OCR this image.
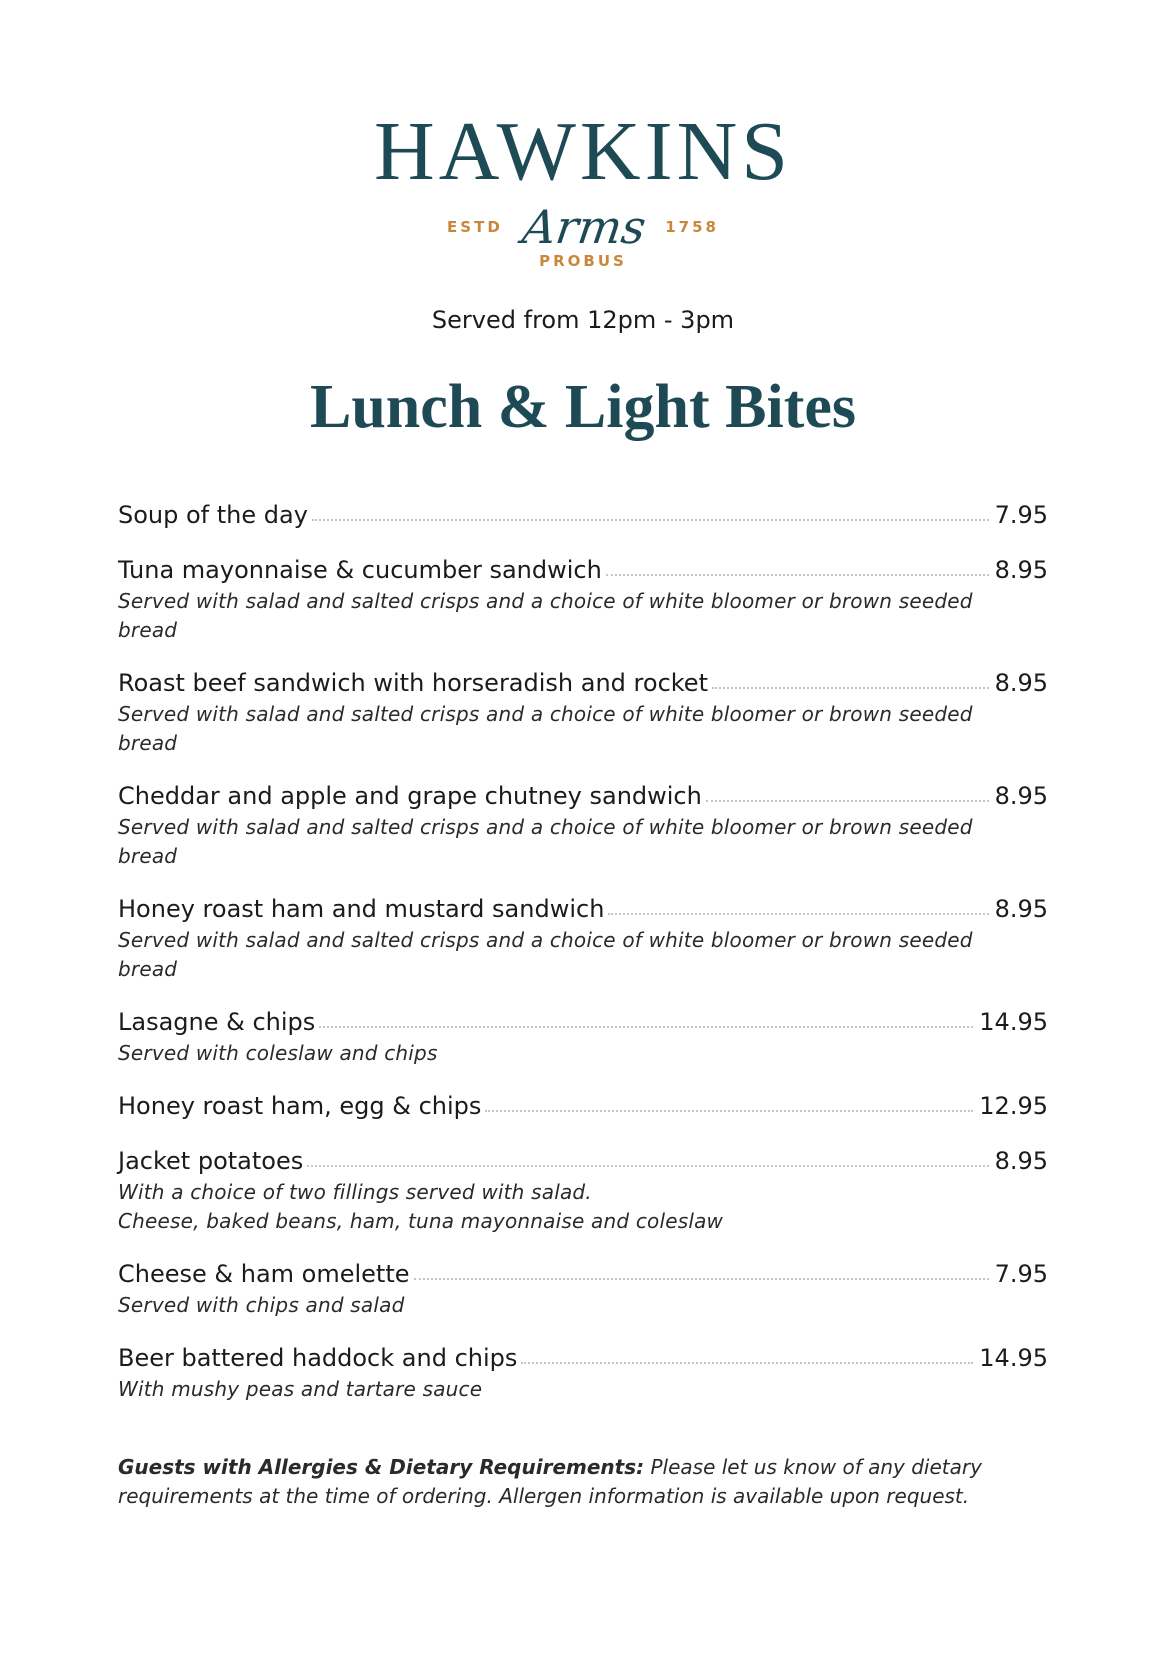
HAWKINS
ESTD Arms 1758
PROBUS
Served from 12pm - 3pm
Lunch & Light Bites
Soup of the day	7.95
Tuna mayonnaise & cucumber sandwich	8.95
Served with salad and salted crisps and a choice of white bloomer or brown seeded bread
Roast beef sandwich with horseradish and rocket	8.95
Served with salad and salted crisps and a choice of white bloomer or brown seeded bread
Cheddar and apple and grape chutney sandwich	8.95
Served with salad and salted crisps and a choice of white bloomer or brown seeded bread
Honey roast ham and mustard sandwich	8.95
Served with salad and salted crisps and a choice of white bloomer or brown seeded bread
Lasagne & chips	14.95
Served with coleslaw and chips
Honey roast ham, egg & chips	12.95
Jacket potatoes	8.95
With a choice of two fillings served with salad.
Cheese, baked beans, ham, tuna mayonnaise and coleslaw
Cheese & ham omelette	7.95
Served with chips and salad
Beer battered haddock and chips	14.95
With mushy peas and tartare sauce
Guests with Allergies & Dietary Requirements: Please let us know of any dietary requirements at the time of ordering. Allergen information is available upon request.
